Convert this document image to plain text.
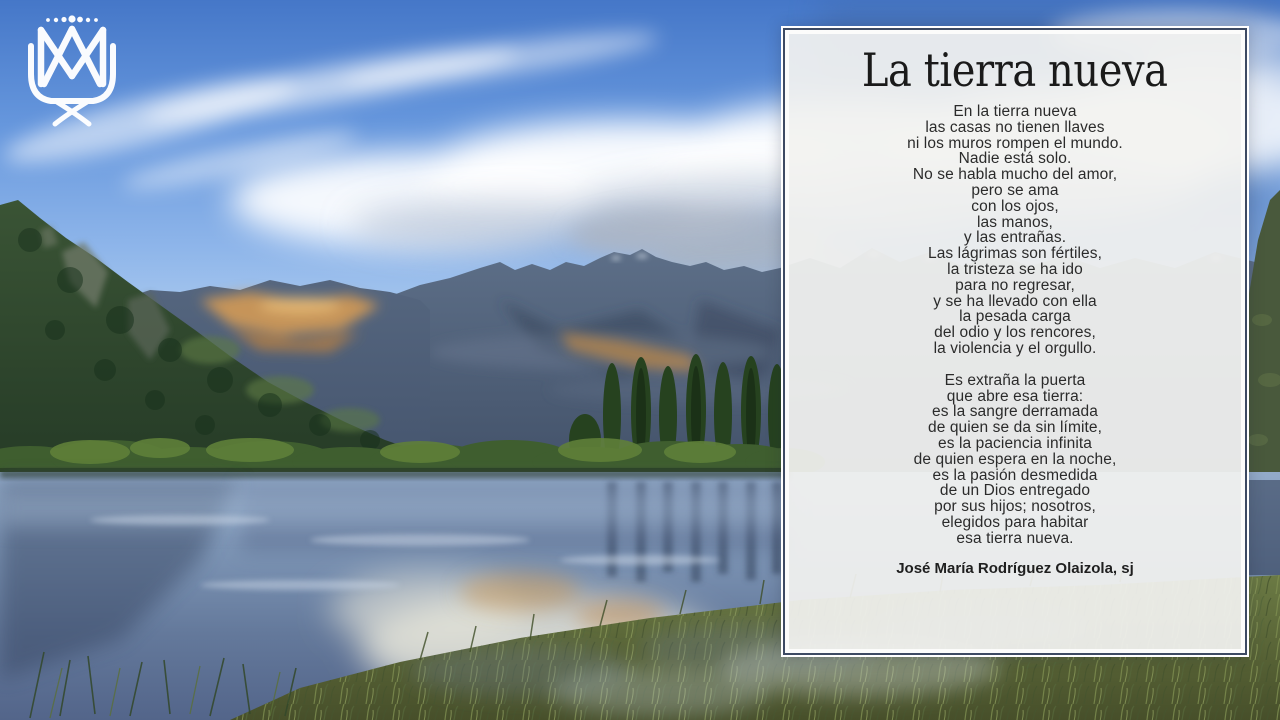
La tierra nueva
En la tierra nueva
las casas no tienen llaves
ni los muros rompen el mundo.
Nadie está solo.
No se habla mucho del amor,
pero se ama
con los ojos,
las manos,
y las entrañas.
Las lágrimas son fértiles,
la tristeza se ha ido
para no regresar,
y se ha llevado con ella
la pesada carga
del odio y los rencores,
la violencia y el orgullo.
Es extraña la puerta
que abre esa tierra:
es la sangre derramada
de quien se da sin límite,
es la paciencia infinita
de quien espera en la noche,
es la pasión desmedida
de un Dios entregado
por sus hijos; nosotros,
elegidos para habitar
esa tierra nueva.
José María Rodríguez Olaizola, sj
